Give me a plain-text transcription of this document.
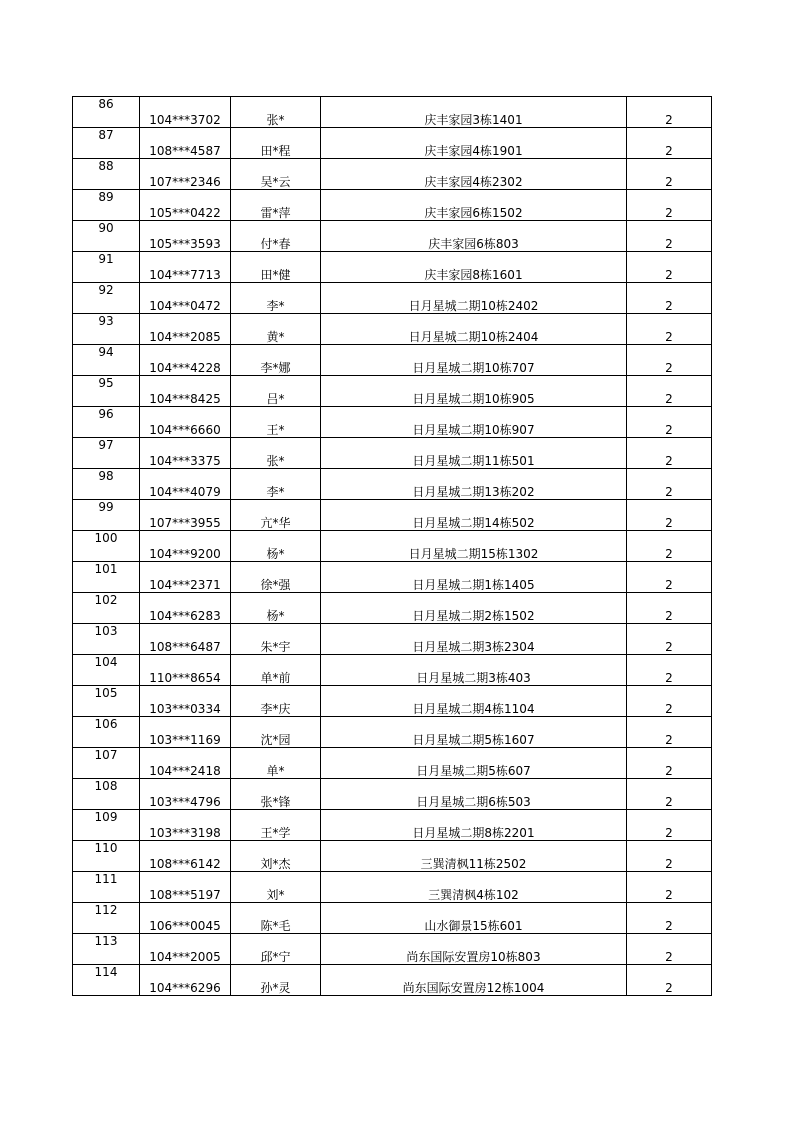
86	104***3702	张*	庆丰家园3栋1401	2
87	108***4587	田*程	庆丰家园4栋1901	2
88	107***2346	吴*云	庆丰家园4栋2302	2
89	105***0422	雷*萍	庆丰家园6栋1502	2
90	105***3593	付*春	庆丰家园6栋803	2
91	104***7713	田*健	庆丰家园8栋1601	2
92	104***0472	李*	日月星城二期10栋2402	2
93	104***2085	黄*	日月星城二期10栋2404	2
94	104***4228	李*娜	日月星城二期10栋707	2
95	104***8425	吕*	日月星城二期10栋905	2
96	104***6660	王*	日月星城二期10栋907	2
97	104***3375	张*	日月星城二期11栋501	2
98	104***4079	李*	日月星城二期13栋202	2
99	107***3955	亢*华	日月星城二期14栋502	2
100	104***9200	杨*	日月星城二期15栋1302	2
101	104***2371	徐*强	日月星城二期1栋1405	2
102	104***6283	杨*	日月星城二期2栋1502	2
103	108***6487	朱*宇	日月星城二期3栋2304	2
104	110***8654	单*前	日月星城二期3栋403	2
105	103***0334	李*庆	日月星城二期4栋1104	2
106	103***1169	沈*园	日月星城二期5栋1607	2
107	104***2418	单*	日月星城二期5栋607	2
108	103***4796	张*锋	日月星城二期6栋503	2
109	103***3198	王*学	日月星城二期8栋2201	2
110	108***6142	刘*杰	三巽清枫11栋2502	2
111	108***5197	刘*	三巽清枫4栋102	2
112	106***0045	陈*毛	山水御景15栋601	2
113	104***2005	邱*宁	尚东国际安置房10栋803	2
114	104***6296	孙*灵	尚东国际安置房12栋1004	2
